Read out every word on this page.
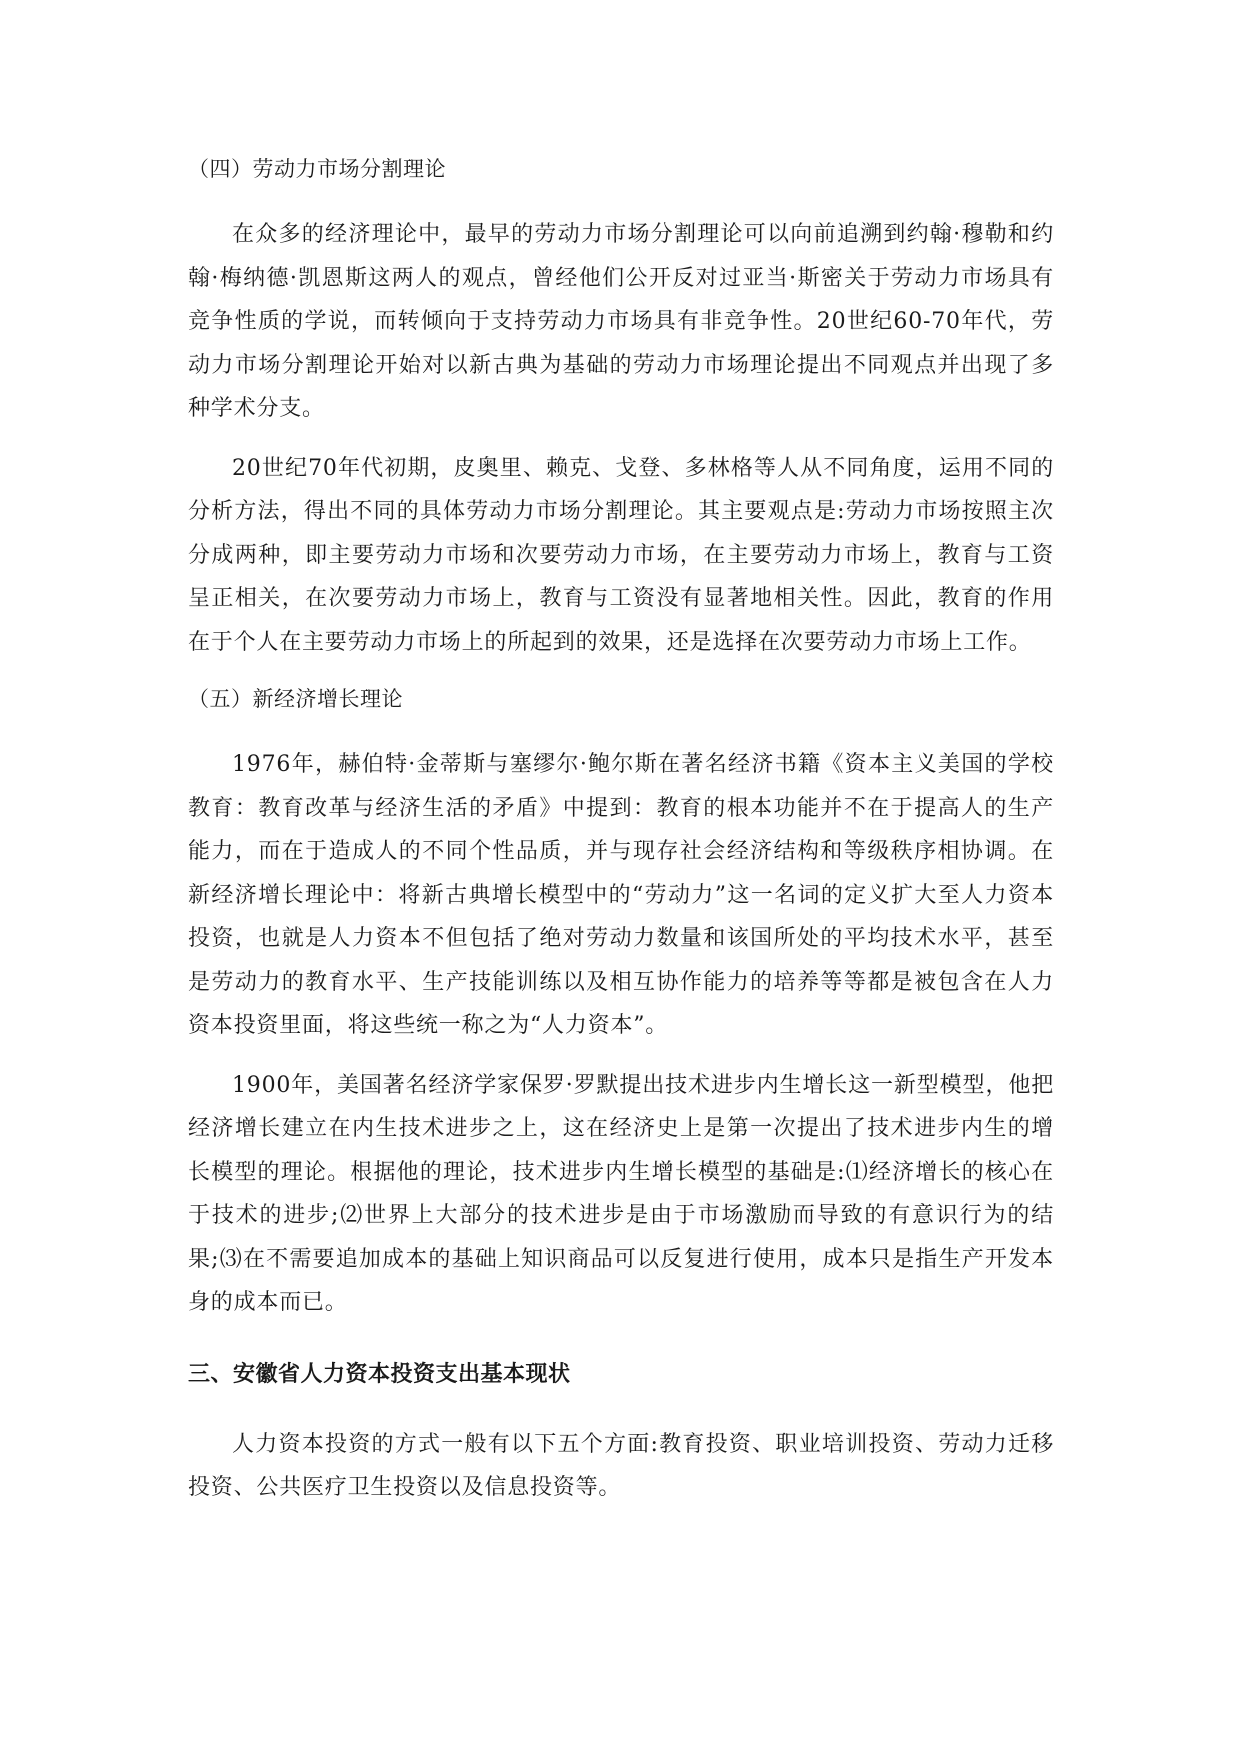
（四）劳动力市场分割理论

在众多的经济理论中，最早的劳动力市场分割理论可以向前追溯到约翰·穆勒和约翰·梅纳德·凯恩斯这两人的观点，曾经他们公开反对过亚当·斯密关于劳动力市场具有竞争性质的学说，而转倾向于支持劳动力市场具有非竞争性。20世纪60-70年代，劳动力市场分割理论开始对以新古典为基础的劳动力市场理论提出不同观点并出现了多种学术分支。

20世纪70年代初期，皮奥里、赖克、戈登、多林格等人从不同角度，运用不同的分析方法，得出不同的具体劳动力市场分割理论。其主要观点是:劳动力市场按照主次分成两种，即主要劳动力市场和次要劳动力市场，在主要劳动力市场上，教育与工资呈正相关，在次要劳动力市场上，教育与工资没有显著地相关性。因此，教育的作用在于个人在主要劳动力市场上的所起到的效果，还是选择在次要劳动力市场上工作。

（五）新经济增长理论

1976年，赫伯特·金蒂斯与塞缪尔·鲍尔斯在著名经济书籍《资本主义美国的学校教育：教育改革与经济生活的矛盾》中提到：教育的根本功能并不在于提高人的生产能力，而在于造成人的不同个性品质，并与现存社会经济结构和等级秩序相协调。在新经济增长理论中：将新古典增长模型中的“劳动力”这一名词的定义扩大至人力资本投资，也就是人力资本不但包括了绝对劳动力数量和该国所处的平均技术水平，甚至是劳动力的教育水平、生产技能训练以及相互协作能力的培养等等都是被包含在人力资本投资里面，将这些统一称之为“人力资本”。

1900年，美国著名经济学家保罗·罗默提出技术进步内生增长这一新型模型，他把经济增长建立在内生技术进步之上，这在经济史上是第一次提出了技术进步内生的增长模型的理论。根据他的理论，技术进步内生增长模型的基础是:⑴经济增长的核心在于技术的进步;⑵世界上大部分的技术进步是由于市场激励而导致的有意识行为的结果;⑶在不需要追加成本的基础上知识商品可以反复进行使用，成本只是指生产开发本身的成本而已。

三、安徽省人力资本投资支出基本现状

人力资本投资的方式一般有以下五个方面:教育投资、职业培训投资、劳动力迁移投资、公共医疗卫生投资以及信息投资等。
